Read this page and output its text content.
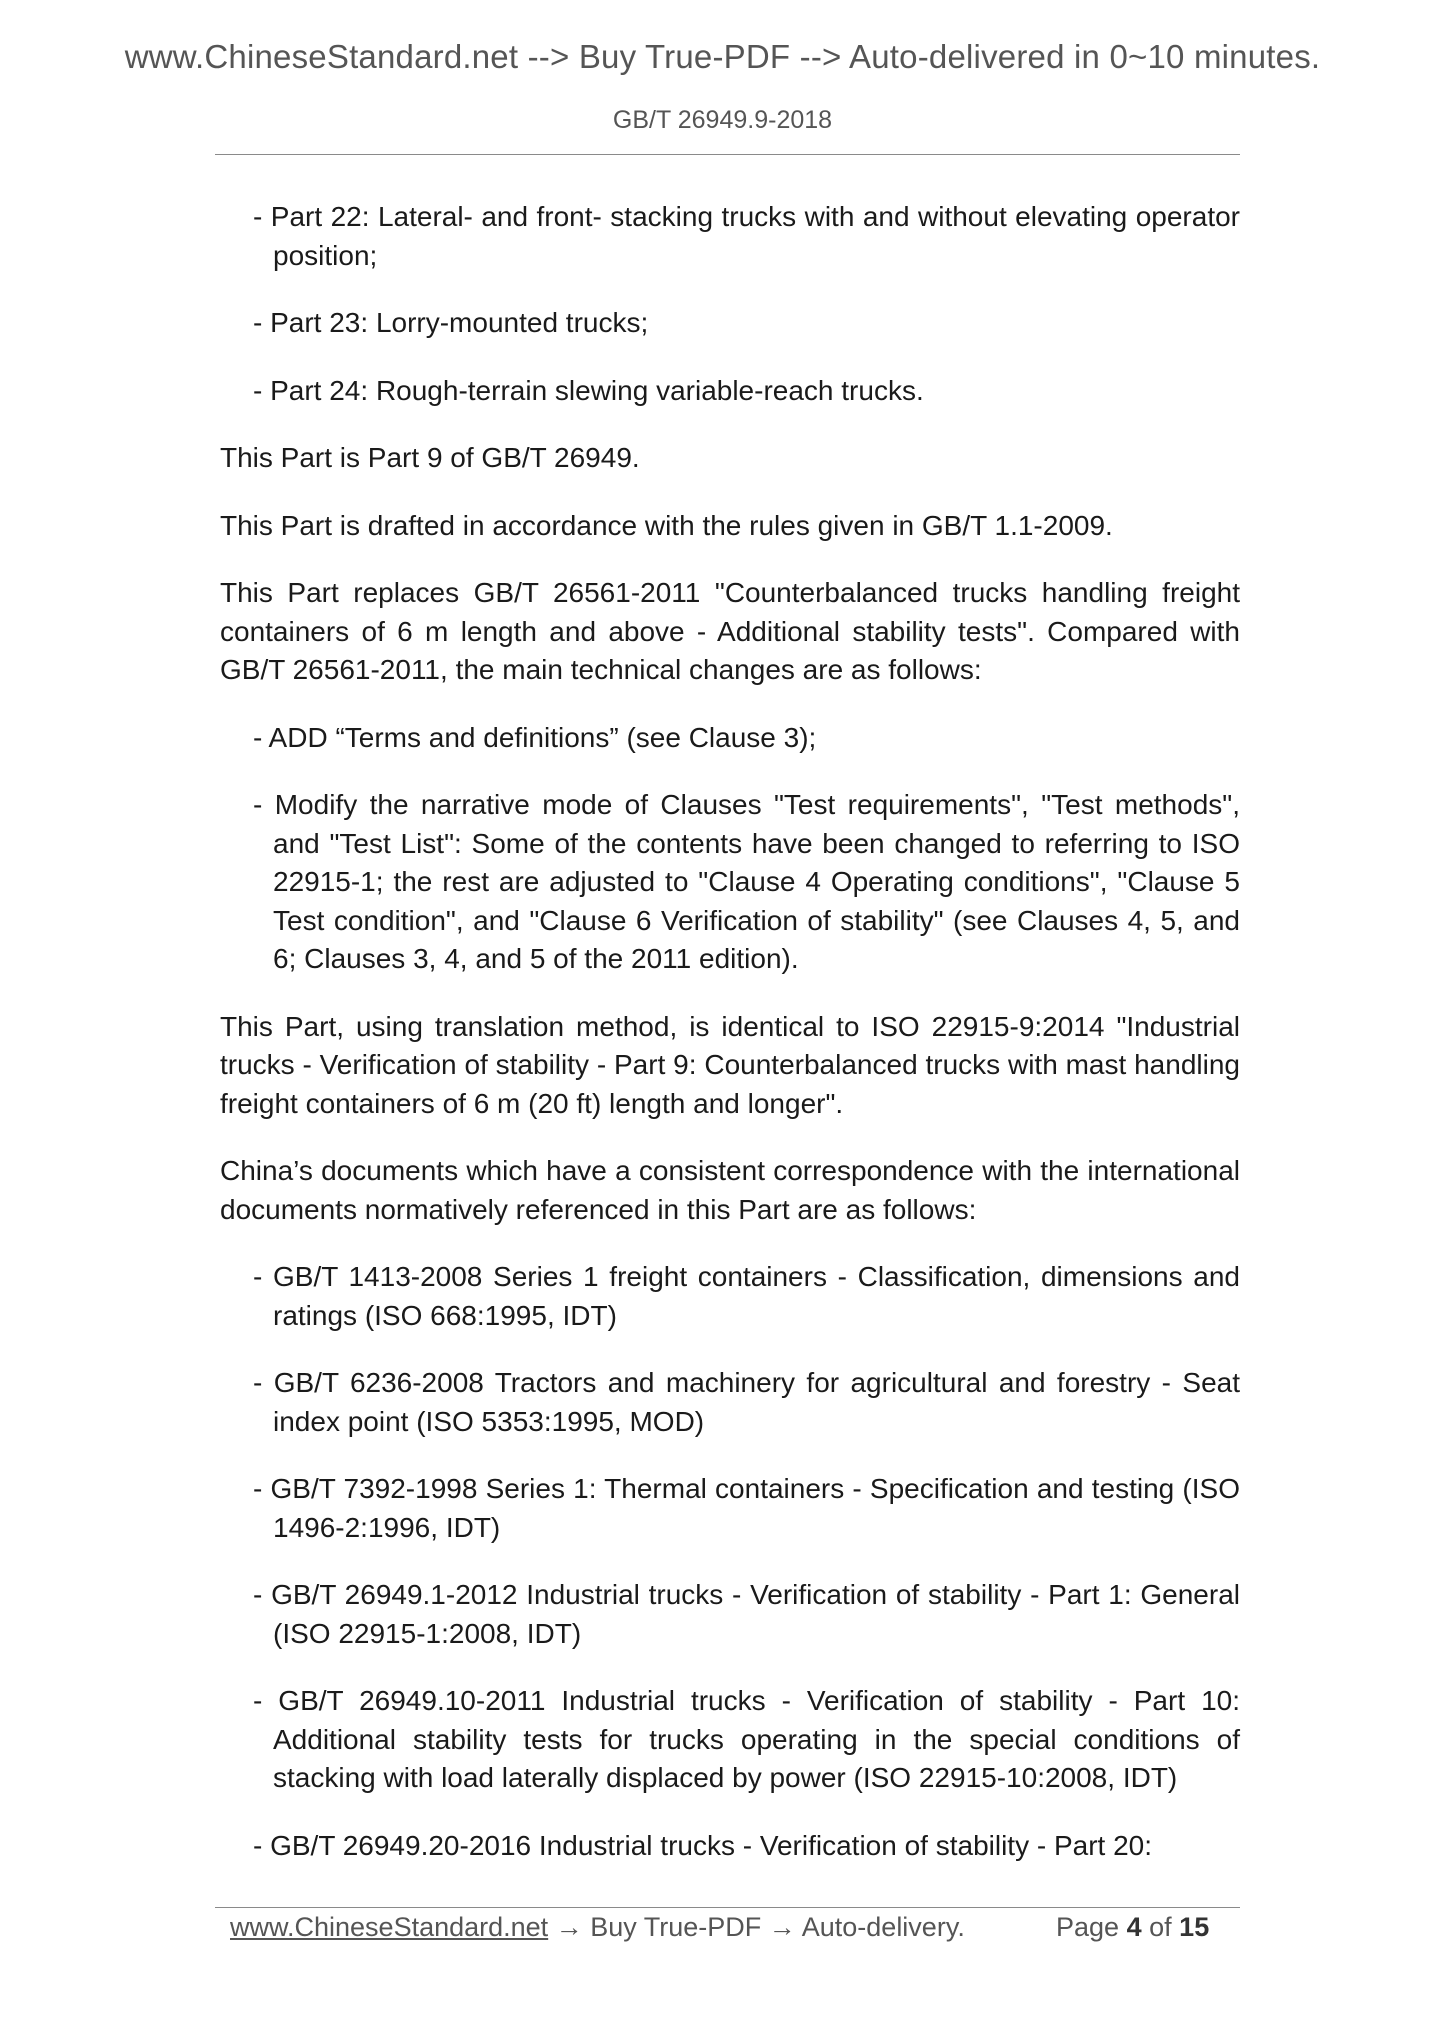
www.ChineseStandard.net --> Buy True-PDF --> Auto-delivered in 0~10 minutes.
GB/T 26949.9-2018

- Part 22: Lateral- and front- stacking trucks with and without elevating operator position;

- Part 23: Lorry-mounted trucks;

- Part 24: Rough-terrain slewing variable-reach trucks.

This Part is Part 9 of GB/T 26949.

This Part is drafted in accordance with the rules given in GB/T 1.1-2009.

This Part replaces GB/T 26561-2011 "Counterbalanced trucks handling freight containers of 6 m length and above - Additional stability tests". Compared with GB/T 26561-2011, the main technical changes are as follows:

- ADD “Terms and definitions” (see Clause 3);

- Modify the narrative mode of Clauses "Test requirements", "Test methods", and "Test List": Some of the contents have been changed to referring to ISO 22915-1; the rest are adjusted to "Clause 4 Operating conditions", "Clause 5 Test condition", and "Clause 6 Verification of stability" (see Clauses 4, 5, and 6; Clauses 3, 4, and 5 of the 2011 edition).

This Part, using translation method, is identical to ISO 22915-9:2014 "Industrial trucks - Verification of stability - Part 9: Counterbalanced trucks with mast handling freight containers of 6 m (20 ft) length and longer".

China’s documents which have a consistent correspondence with the international documents normatively referenced in this Part are as follows:

- GB/T 1413-2008 Series 1 freight containers - Classification, dimensions and ratings (ISO 668:1995, IDT)

- GB/T 6236-2008 Tractors and machinery for agricultural and forestry - Seat index point (ISO 5353:1995, MOD)

- GB/T 7392-1998 Series 1: Thermal containers - Specification and testing (ISO 1496-2:1996, IDT)

- GB/T 26949.1-2012 Industrial trucks - Verification of stability - Part 1: General (ISO 22915-1:2008, IDT)

- GB/T 26949.10-2011 Industrial trucks - Verification of stability - Part 10: Additional stability tests for trucks operating in the special conditions of stacking with load laterally displaced by power (ISO 22915-10:2008, IDT)

- GB/T 26949.20-2016 Industrial trucks - Verification of stability - Part 20:

www.ChineseStandard.net → Buy True-PDF → Auto-delivery.	Page 4 of 15
